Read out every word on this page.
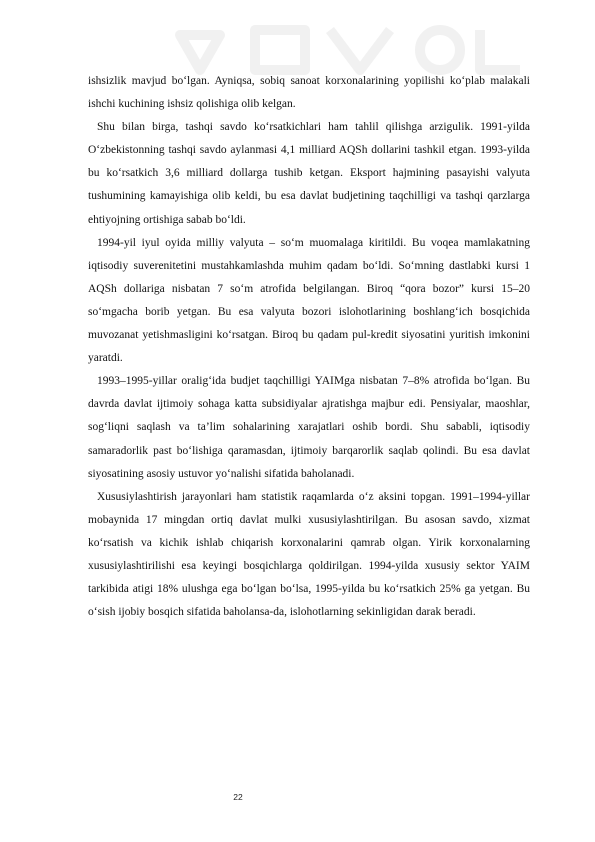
ishsizlik mavjud bo‘lgan. Ayniqsa, sobiq sanoat korxonalarining yopilishi ko‘plab malakali ishchi kuchining ishsiz qolishiga olib kelgan.

Shu bilan birga, tashqi savdo ko‘rsatkichlari ham tahlil qilishga arzigulik. 1991-yilda O‘zbekistonning tashqi savdo aylanmasi 4,1 milliard AQSh dollarini tashkil etgan. 1993-yilda bu ko‘rsatkich 3,6 milliard dollarga tushib ketgan. Eksport hajmining pasayishi valyuta tushumining kamayishiga olib keldi, bu esa davlat budjetining taqchilligi va tashqi qarzlarga ehtiyojning ortishiga sabab bo‘ldi.

1994-yil iyul oyida milliy valyuta – so‘m muomalaga kiritildi. Bu voqea mamlakatning iqtisodiy suverenitetini mustahkamlashda muhim qadam bo‘ldi. So‘mning dastlabki kursi 1 AQSh dollariga nisbatan 7 so‘m atrofida belgilangan. Biroq “qora bozor” kursi 15–20 so‘mgacha borib yetgan. Bu esa valyuta bozori islohotlarining boshlang‘ich bosqichida muvozanat yetishmasligini ko‘rsatgan. Biroq bu qadam pul-kredit siyosatini yuritish imkonini yaratdi.

1993–1995-yillar oralig‘ida budjet taqchilligi YAIMga nisbatan 7–8% atrofida bo‘lgan. Bu davrda davlat ijtimoiy sohaga katta subsidiyalar ajratishga majbur edi. Pensiyalar, maoshlar, sog‘liqni saqlash va ta’lim sohalarining xarajatlari oshib bordi. Shu sababli, iqtisodiy samaradorlik past bo‘lishiga qaramasdan, ijtimoiy barqarorlik saqlab qolindi. Bu esa davlat siyosatining asosiy ustuvor yo‘nalishi sifatida baholanadi.

Xususiylashtirish jarayonlari ham statistik raqamlarda o‘z aksini topgan. 1991–1994-yillar mobaynida 17 mingdan ortiq davlat mulki xususiylashtirilgan. Bu asosan savdo, xizmat ko‘rsatish va kichik ishlab chiqarish korxonalarini qamrab olgan. Yirik korxonalarning xususiylashtirilishi esa keyingi bosqichlarga qoldirilgan. 1994-yilda xususiy sektor YAIM tarkibida atigi 18% ulushga ega bo‘lgan bo‘lsa, 1995-yilda bu ko‘rsatkich 25% ga yetgan. Bu o‘sish ijobiy bosqich sifatida baholansa-da, islohotlarning sekinligidan darak beradi.

22
